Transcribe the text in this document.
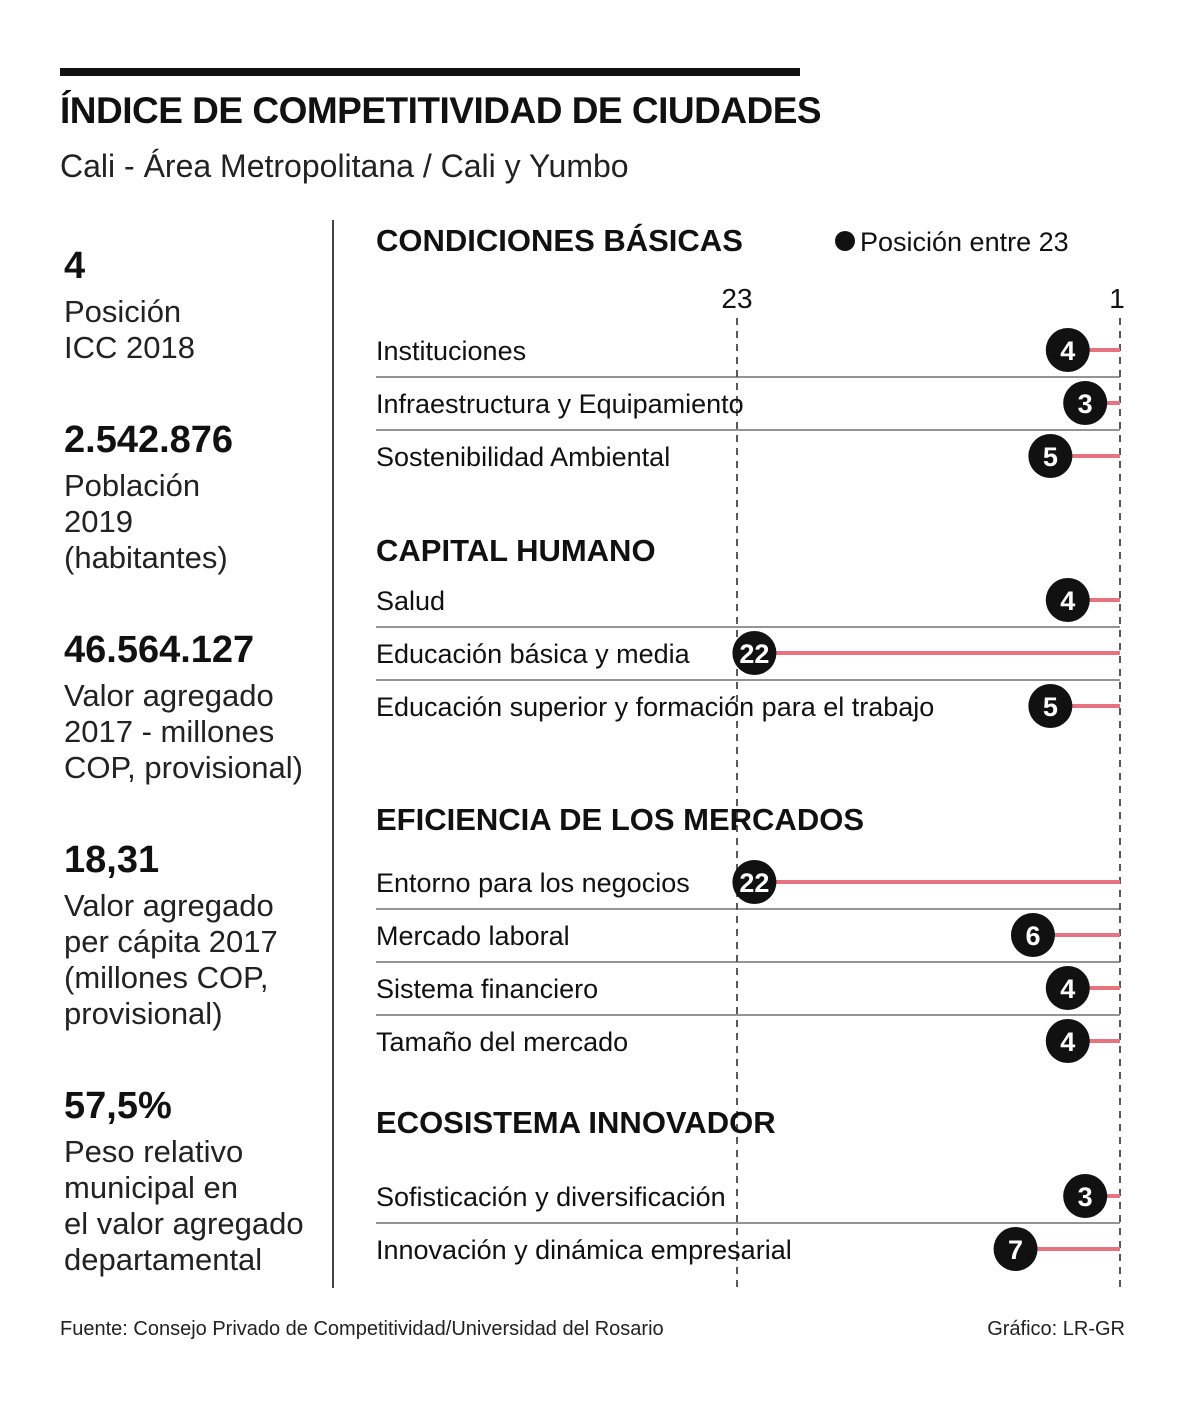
ÍNDICE DE COMPETITIVIDAD DE CIUDADES

Cali - Área Metropolitana / Cali y Yumbo

4
Posición
ICC 2018
2.542.876
Población
2019
(habitantes)
46.564.127
Valor agregado
2017 - millones
COP, provisional)
18,31
Valor agregado
per cápita 2017
(millones COP,
provisional)
57,5%
Peso relativo
municipal en
el valor agregado
departamental
Posición entre 23
23	1
CONDICIONES BÁSICAS
Instituciones	4
Infraestructura y Equipamiento	3
Sostenibilidad Ambiental	5
CAPITAL HUMANO
Salud	4
Educación básica y media 22
Educación superior y formación para el trabajo	5
EFICIENCIA DE LOS MERCADOS
Entorno para los negocios 22
Mercado laboral	6
Sistema financiero	4
Tamaño del mercado	4
ECOSISTEMA INNOVADOR
Sofisticación y diversificación	3
Innovación y dinámica empresarial	7
Fuente: Consejo Privado de Competitividad/Universidad del Rosario	Gráfico: LR-GR
